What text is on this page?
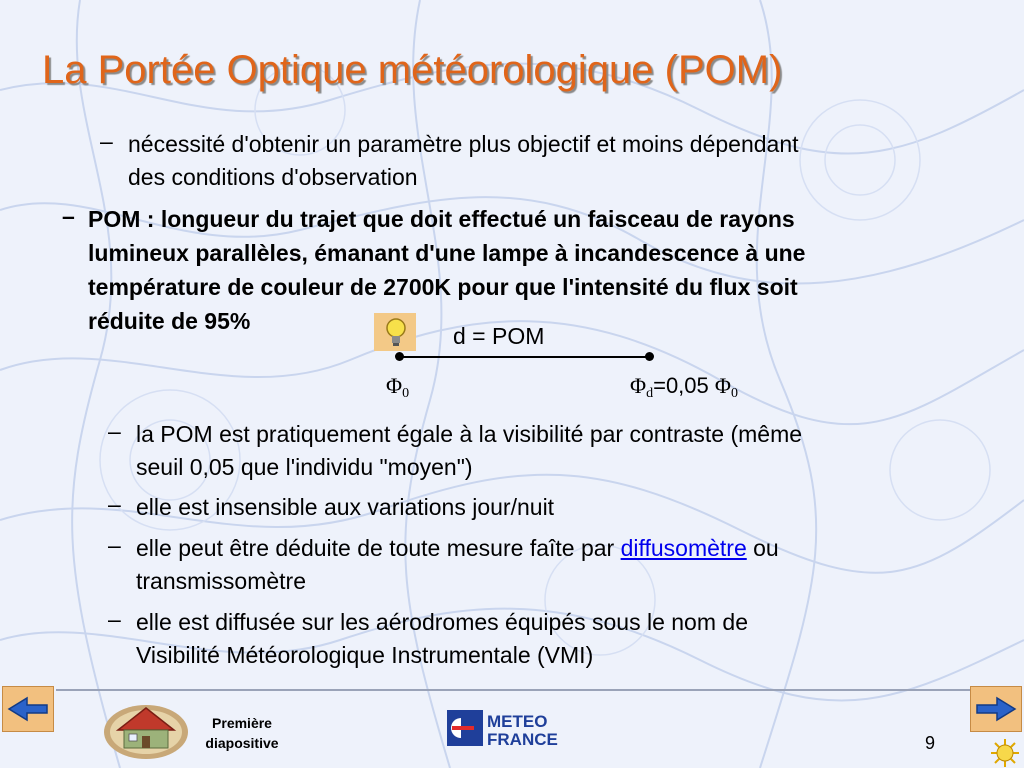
La Portée Optique météorologique (POM)
– nécessité d'obtenir un paramètre plus objectif et moins dépendant
des conditions d'observation
– POM : longueur du trajet que doit effectué un faisceau de rayons
lumineux parallèles, émanant d'une lampe à incandescence à une
température de couleur de 2700K pour que l'intensité du flux soit
réduite de 95%
d = POM
$\Phi_0$	$\Phi_d=0,05$ $\Phi_0$
– la POM est pratiquement égale à la visibilité par contraste (même
seuil 0,05 que l'individu "moyen")
– elle est insensible aux variations jour/nuit
– elle peut être déduite de toute mesure faîte par diffusomètre ou
transmissomètre
– elle est diffusée sur les aérodromes équipés sous le nom de
Visibilité Météorologique Instrumentale (VMI)
Première
diapositive
METEO
FRANCE	9
